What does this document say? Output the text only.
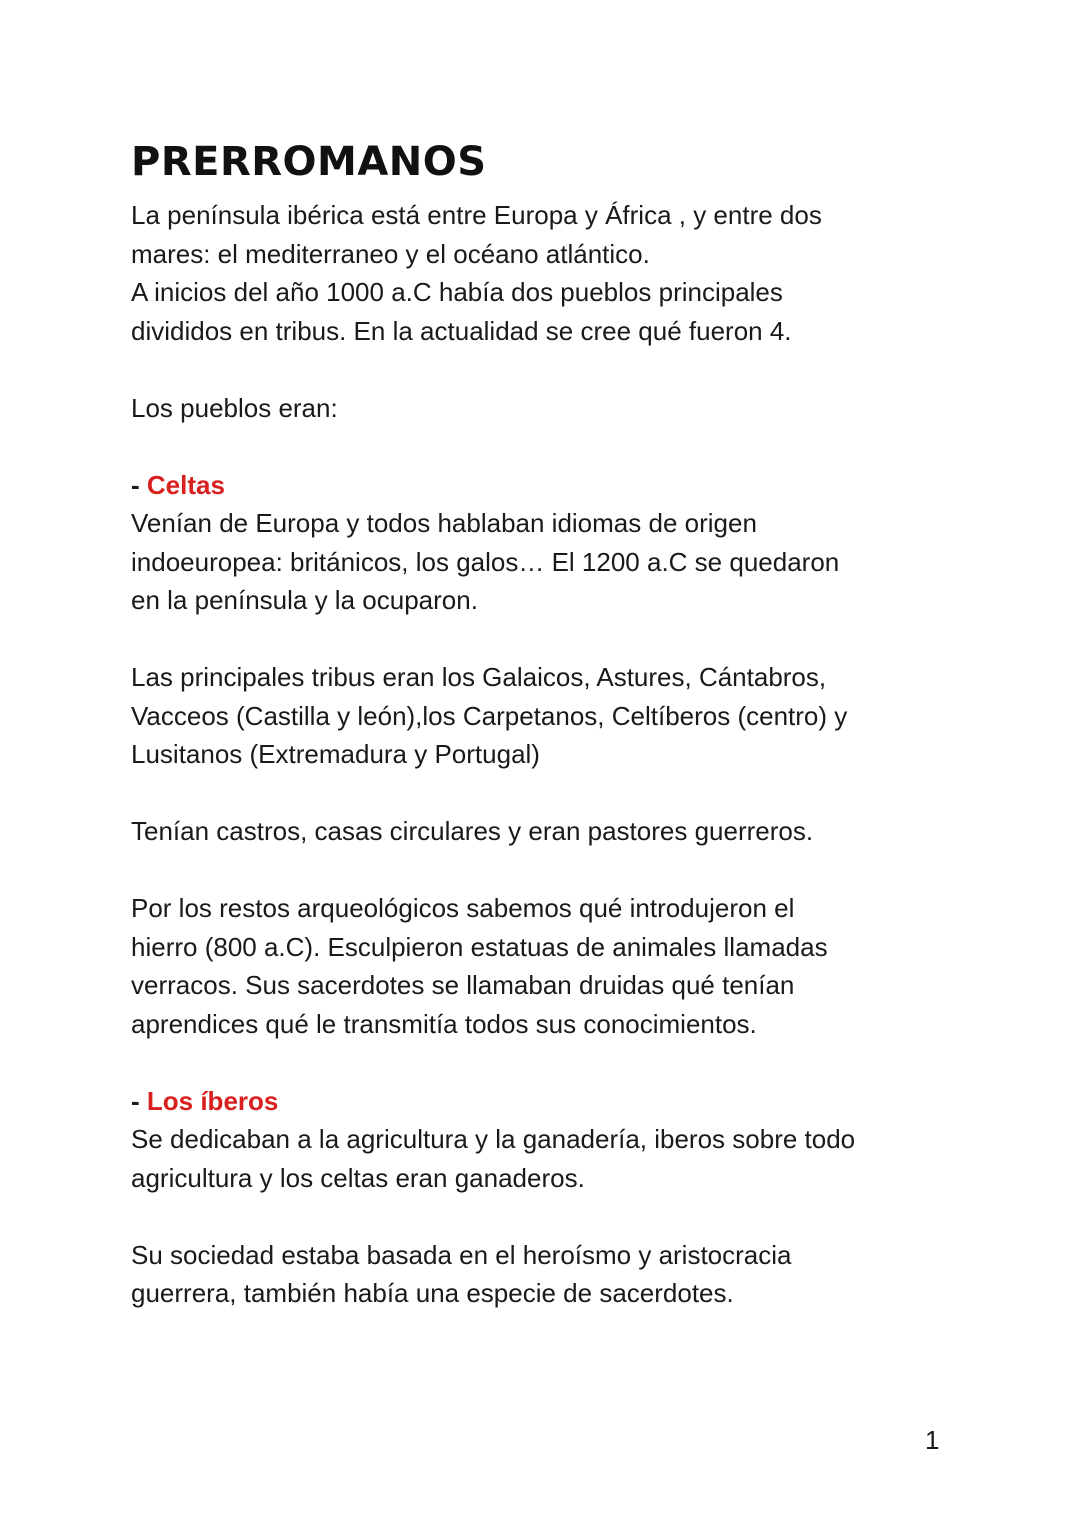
PRERROMANOS

La península ibérica está entre Europa y África , y entre dos
mares: el mediterraneo y el océano atlántico.
A inicios del año 1000 a.C había dos pueblos principales
divididos en tribus. En la actualidad se cree qué fueron 4.

Los pueblos eran:

- Celtas

Venían de Europa y todos hablaban idiomas de origen
indoeuropea: británicos, los galos… El 1200 a.C se quedaron
en la península y la ocuparon.

Las principales tribus eran los Galaicos, Astures, Cántabros,
Vacceos (Castilla y león),los Carpetanos, Celtíberos (centro) y
Lusitanos (Extremadura y Portugal)

Tenían castros, casas circulares y eran pastores guerreros.

Por los restos arqueológicos sabemos qué introdujeron el
hierro (800 a.C). Esculpieron estatuas de animales llamadas
verracos. Sus sacerdotes se llamaban druidas qué tenían
aprendices qué le transmitía todos sus conocimientos.

- Los íberos

Se dedicaban a la agricultura y la ganadería, iberos sobre todo
agricultura y los celtas eran ganaderos.

Su sociedad estaba basada en el heroísmo y aristocracia
guerrera, también había una especie de sacerdotes.

1
